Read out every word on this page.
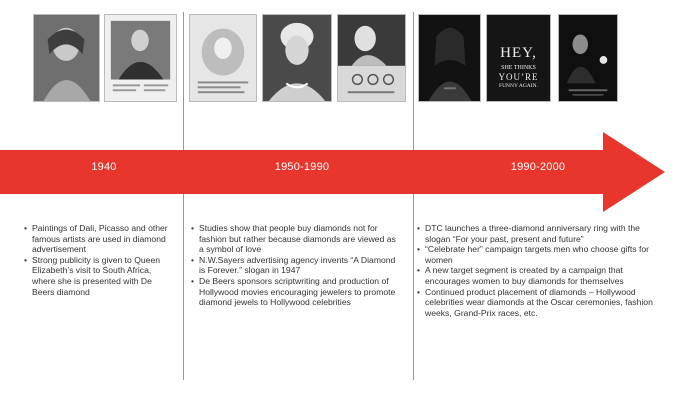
HEY,
SHE THINKS
YOU’RE
FUNNY AGAIN.
1940	1950-1990	1990-2000
• Paintings of Dali, Picasso and other famous artists are used in diamond advertisement
• Strong publicity is given to Queen Elizabeth’s visit to South Africa, where she is presented with De Beers diamond
• Studies show that people buy diamonds not for fashion but rather because diamonds are viewed as a symbol of love
• N.W.Sayers advertising agency invents “A Diamond is Forever.” slogan in 1947
• De Beers sponsors scriptwriting and production of Hollywood movies encouraging jewelers to promote diamond jewels to Hollywood celebrities
• DTC launches a three-diamond anniversary ring with the slogan “For your past, present and future”
• “Celebrate her” campaign targets men who choose gifts for women
• A new target segment is created by a campaign that encourages women to buy diamonds for themselves
• Continued product placement of diamonds – Hollywood celebrities wear diamonds at the Oscar ceremonies, fashion weeks, Grand-Prix races, etc.
